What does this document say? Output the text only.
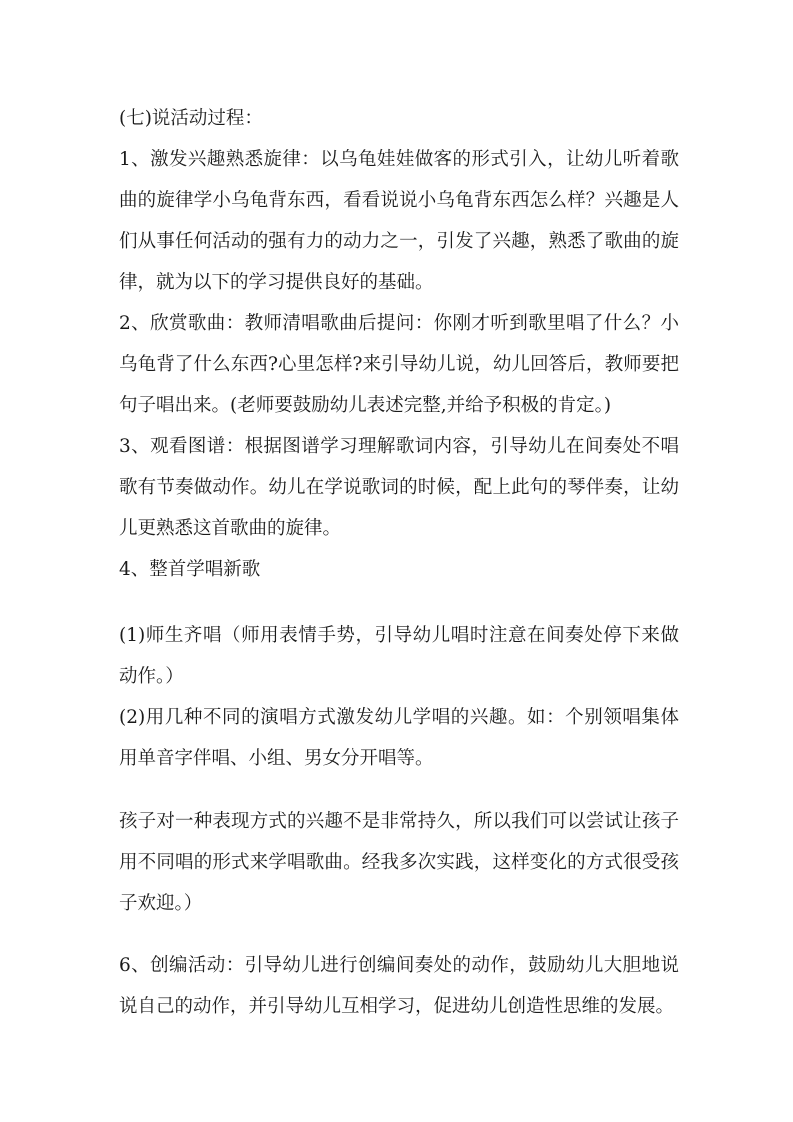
(七)说活动过程：

1、激发兴趣熟悉旋律：以乌龟娃娃做客的形式引入，让幼儿听着歌曲的旋律学小乌龟背东西，看看说说小乌龟背东西怎么样？兴趣是人们从事任何活动的强有力的动力之一，引发了兴趣，熟悉了歌曲的旋律，就为以下的学习提供良好的基础。

2、欣赏歌曲：教师清唱歌曲后提问：你刚才听到歌里唱了什么？小乌龟背了什么东西?心里怎样?来引导幼儿说，幼儿回答后，教师要把句子唱出来。(老师要鼓励幼儿表述完整,并给予积极的肯定。)

3、观看图谱：根据图谱学习理解歌词内容，引导幼儿在间奏处不唱歌有节奏做动作。幼儿在学说歌词的时候，配上此句的琴伴奏，让幼儿更熟悉这首歌曲的旋律。

4、整首学唱新歌

(1)师生齐唱（师用表情手势，引导幼儿唱时注意在间奏处停下来做动作。）

(2)用几种不同的演唱方式激发幼儿学唱的兴趣。如：个别领唱集体用单音字伴唱、小组、男女分开唱等。

孩子对一种表现方式的兴趣不是非常持久，所以我们可以尝试让孩子用不同唱的形式来学唱歌曲。经我多次实践，这样变化的方式很受孩子欢迎。）

6、创编活动：引导幼儿进行创编间奏处的动作，鼓励幼儿大胆地说说自己的动作，并引导幼儿互相学习，促进幼儿创造性思维的发展。
